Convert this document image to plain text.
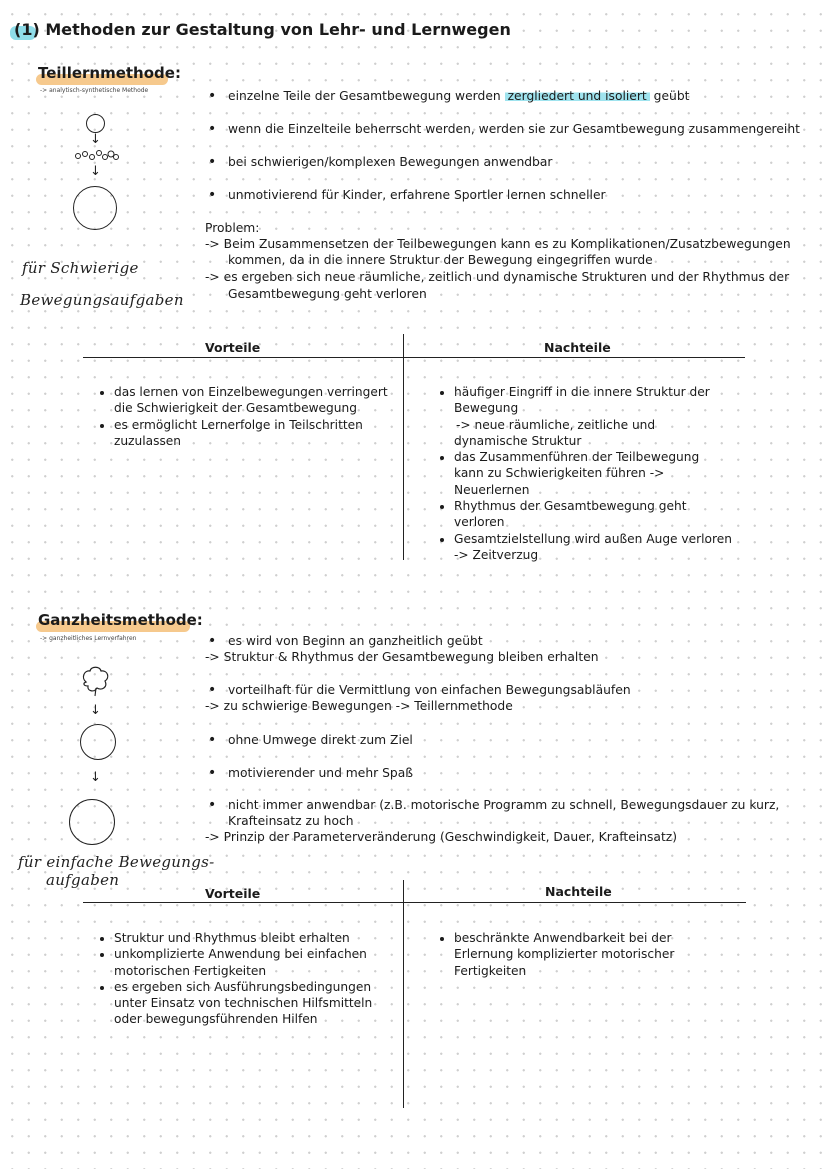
(1) Methoden zur Gestaltung von Lehr- und Lernwegen
Teillernmethode:
-> analytisch-synthetische Methode
↓
↓
• einzelne Teile der Gesamtbewegung werden zergliedert und isoliert geübt
• wenn die Einzelteile beherrscht werden, werden sie zur Gesamtbewegung zusammengereiht
• bei schwierigen/komplexen Bewegungen anwendbar
• unmotivierend für Kinder, erfahrene Sportler lernen schneller
Problem:
-> Beim Zusammensetzen der Teilbewegungen kann es zu Komplikationen/Zusatzbewegungen
kommen, da in die innere Struktur der Bewegung eingegriffen wurde
-> es ergeben sich neue räumliche, zeitlich und dynamische Strukturen und der Rhythmus der
Gesamtbewegung geht verloren
für Schwierige
Bewegungsaufgaben
Vorteile	Nachteile
• das lernen von Einzelbewegungen verringert die Schwierigkeit der Gesamtbewegung
• es ermöglicht Lernerfolge in Teilschritten zuzulassen
• häufiger Eingriff in die innere Struktur der Bewegung
-> neue räumliche, zeitliche und dynamische Struktur
• das Zusammenführen der Teilbewegung kann zu Schwierigkeiten führen -> Neuerlernen
• Rhythmus der Gesamtbewegung geht verloren
• Gesamtzielstellung wird außen Auge verloren -> Zeitverzug
Ganzheitsmethode:
-> ganzheitliches Lernverfahren
↓
↓
• es wird von Beginn an ganzheitlich geübt
-> Struktur & Rhythmus der Gesamtbewegung bleiben erhalten
• vorteilhaft für die Vermittlung von einfachen Bewegungsabläufen
-> zu schwierige Bewegungen -> Teillernmethode
• ohne Umwege direkt zum Ziel
• motivierender und mehr Spaß
• nicht immer anwendbar (z.B. motorische Programm zu schnell, Bewegungsdauer zu kurz,
Krafteinsatz zu hoch
-> Prinzip der Parameterveränderung (Geschwindigkeit, Dauer, Krafteinsatz)
für einfache Bewegungs-
aufgaben
Vorteile	Nachteile
• Struktur und Rhythmus bleibt erhalten
• unkomplizierte Anwendung bei einfachen motorischen Fertigkeiten
• es ergeben sich Ausführungsbedingungen unter Einsatz von technischen Hilfsmitteln oder bewegungsführenden Hilfen
• beschränkte Anwendbarkeit bei der Erlernung komplizierter motorischer Fertigkeiten
